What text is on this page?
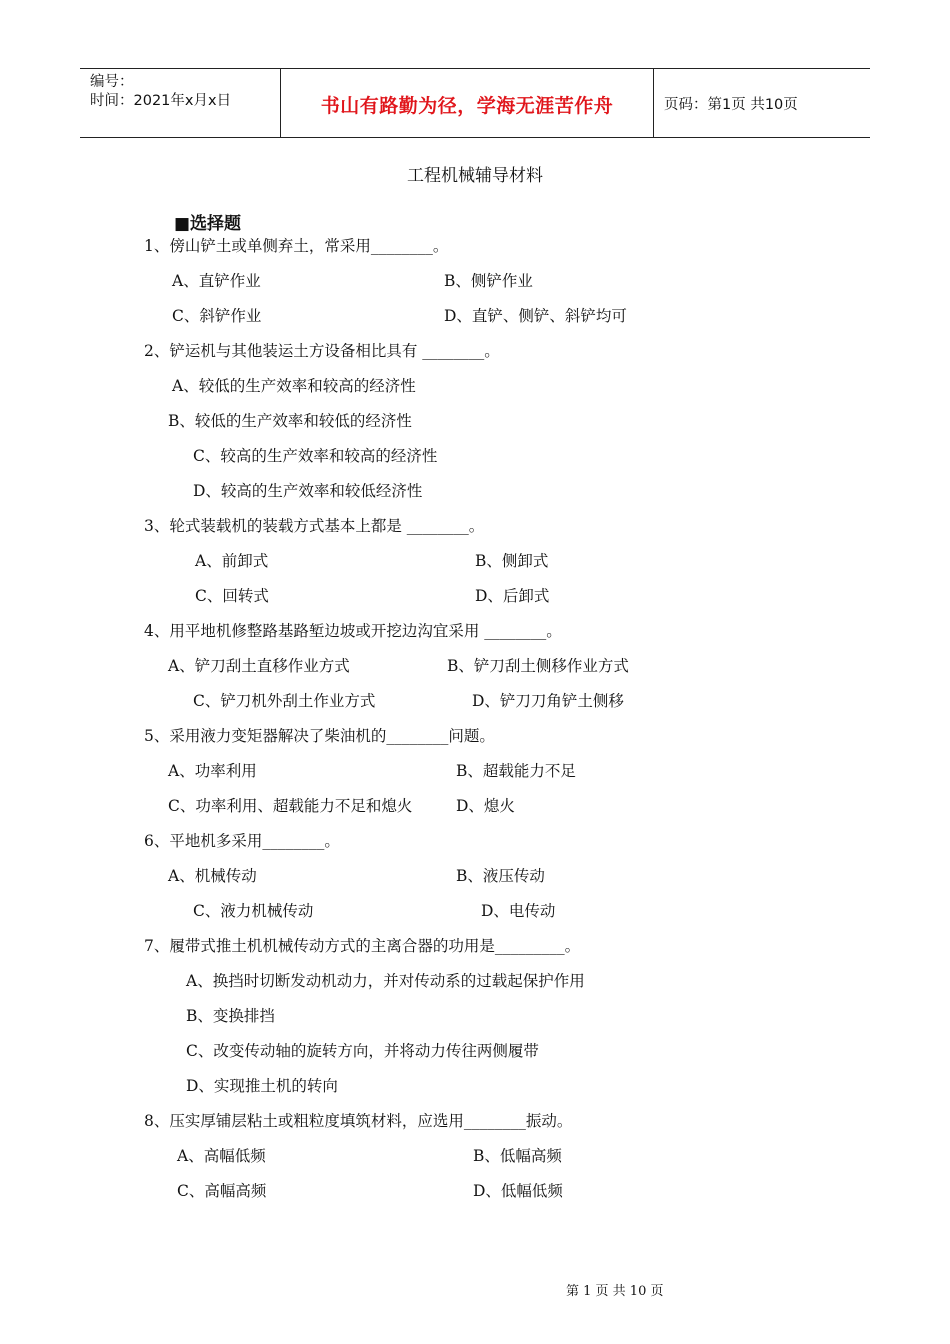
编号：
时间：2021年x月x日	书山有路勤为径，学海无涯苦作舟	页码：第1页 共10页
工程机械辅导材料
■选择题
1、傍山铲土或单侧弃土，常采用________。
A、直铲作业	B、侧铲作业
C、斜铲作业	D、直铲、侧铲、斜铲均可
2、铲运机与其他装运土方设备相比具有 ________。
A、较低的生产效率和较高的经济性
B、较低的生产效率和较低的经济性
C、较高的生产效率和较高的经济性
D、较高的生产效率和较低经济性
3、轮式装载机的装载方式基本上都是 ________。
A、前卸式	B、侧卸式
C、回转式	D、后卸式
4、用平地机修整路基路堑边坡或开挖边沟宜采用 ________。
A、铲刀刮土直移作业方式	B、铲刀刮土侧移作业方式
C、铲刀机外刮土作业方式	D、铲刀刀角铲土侧移
5、采用液力变矩器解决了柴油机的________问题。
A、功率利用	B、超载能力不足
C、功率利用、超载能力不足和熄火	D、熄火
6、平地机多采用________。
A、机械传动	B、液压传动
C、液力机械传动	D、电传动
7、履带式推土机机械传动方式的主离合器的功用是_________。
A、换挡时切断发动机动力，并对传动系的过载起保护作用
B、变换排挡
C、改变传动轴的旋转方向，并将动力传往两侧履带
D、实现推土机的转向
8、压实厚铺层粘土或粗粒度填筑材料，应选用________振动。
A、高幅低频	B、低幅高频
C、高幅高频	D、低幅低频
第 1 页 共 10 页
